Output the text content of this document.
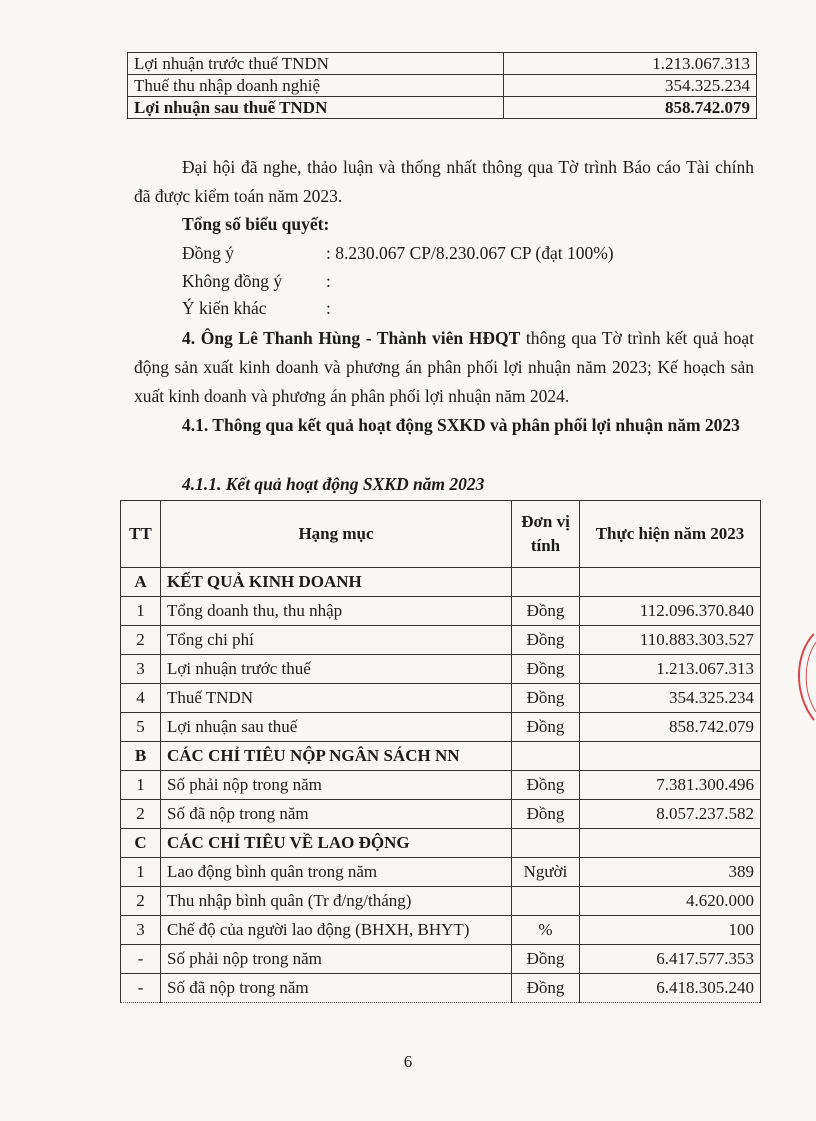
Lợi nhuận trước thuế TNDN	1.213.067.313
Thuế thu nhập doanh nghiệ	354.325.234
Lợi nhuận sau thuế TNDN	858.742.079
Đại hội đã nghe, thảo luận và thống nhất thông qua Tờ trình Báo cáo Tài chính đã được kiểm toán năm 2023.
Tổng số biểu quyết:
Đồng ý	: 8.230.067 CP/8.230.067 CP (đạt 100%)
Không đồng ý	:
Ý kiến khác	:
4. Ông Lê Thanh Hùng - Thành viên HĐQT thông qua Tờ trình kết quả hoạt động sản xuất kinh doanh và phương án phân phối lợi nhuận năm 2023; Kế hoạch sản xuất kinh doanh và phương án phân phối lợi nhuận năm 2024.
4.1. Thông qua kết quả hoạt động SXKD và phân phối lợi nhuận năm 2023
4.1.1. Kết quả hoạt động SXKD năm 2023
TT	Hạng mục	Đơn vị tính	Thực hiện năm 2023
A	KẾT QUẢ KINH DOANH		
1	Tổng doanh thu, thu nhập	Đồng	112.096.370.840
2	Tổng chi phí	Đồng	110.883.303.527
3	Lợi nhuận trước thuế	Đồng	1.213.067.313
4	Thuế TNDN	Đồng	354.325.234
5	Lợi nhuận sau thuế	Đồng	858.742.079
B	CÁC CHỈ TIÊU NỘP NGÂN SÁCH NN		
1	Số phải nộp trong năm	Đồng	7.381.300.496
2	Số đã nộp trong năm	Đồng	8.057.237.582
C	CÁC CHỈ TIÊU VỀ LAO ĐỘNG		
1	Lao động bình quân trong năm	Người	389
2	Thu nhập bình quân (Tr đ/ng/tháng)		4.620.000
3	Chế độ của người lao động (BHXH, BHYT)	%	100
-	Số phải nộp trong năm	Đồng	6.417.577.353
-	Số đã nộp trong năm	Đồng	6.418.305.240
6
